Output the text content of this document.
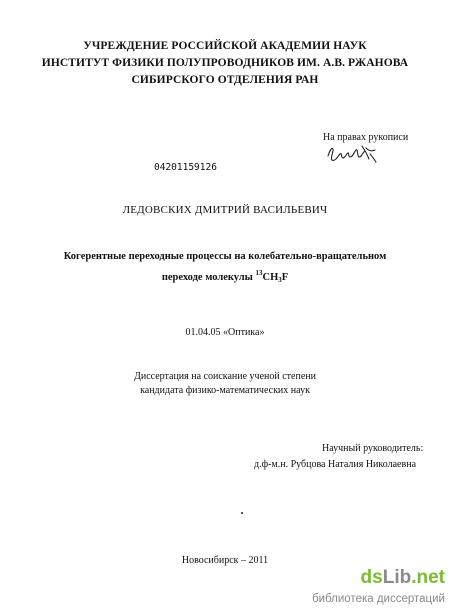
УЧРЕЖДЕНИЕ РОССИЙСКОЙ АКАДЕМИИ НАУК
ИНСТИТУТ ФИЗИКИ ПОЛУПРОВОДНИКОВ ИМ. А.В. РЖАНОВА
СИБИРСКОГО ОТДЕЛЕНИЯ РАН
На правах рукописи
04201159126
ЛЕДОВСКИХ ДМИТРИЙ ВАСИЛЬЕВИЧ
Когерентные переходные процессы на колебательно-вращательном
переходе молекулы $^{13}CH_3F$
01.04.05 «Оптика»
Диссертация на соискание ученой степени
кандидата физико-математических наук
Научный руководитель:
д.ф-м.н. Рубцова Наталия Николаевна
Новосибирск – 2011
dsLib.net
библиотека диссертаций
